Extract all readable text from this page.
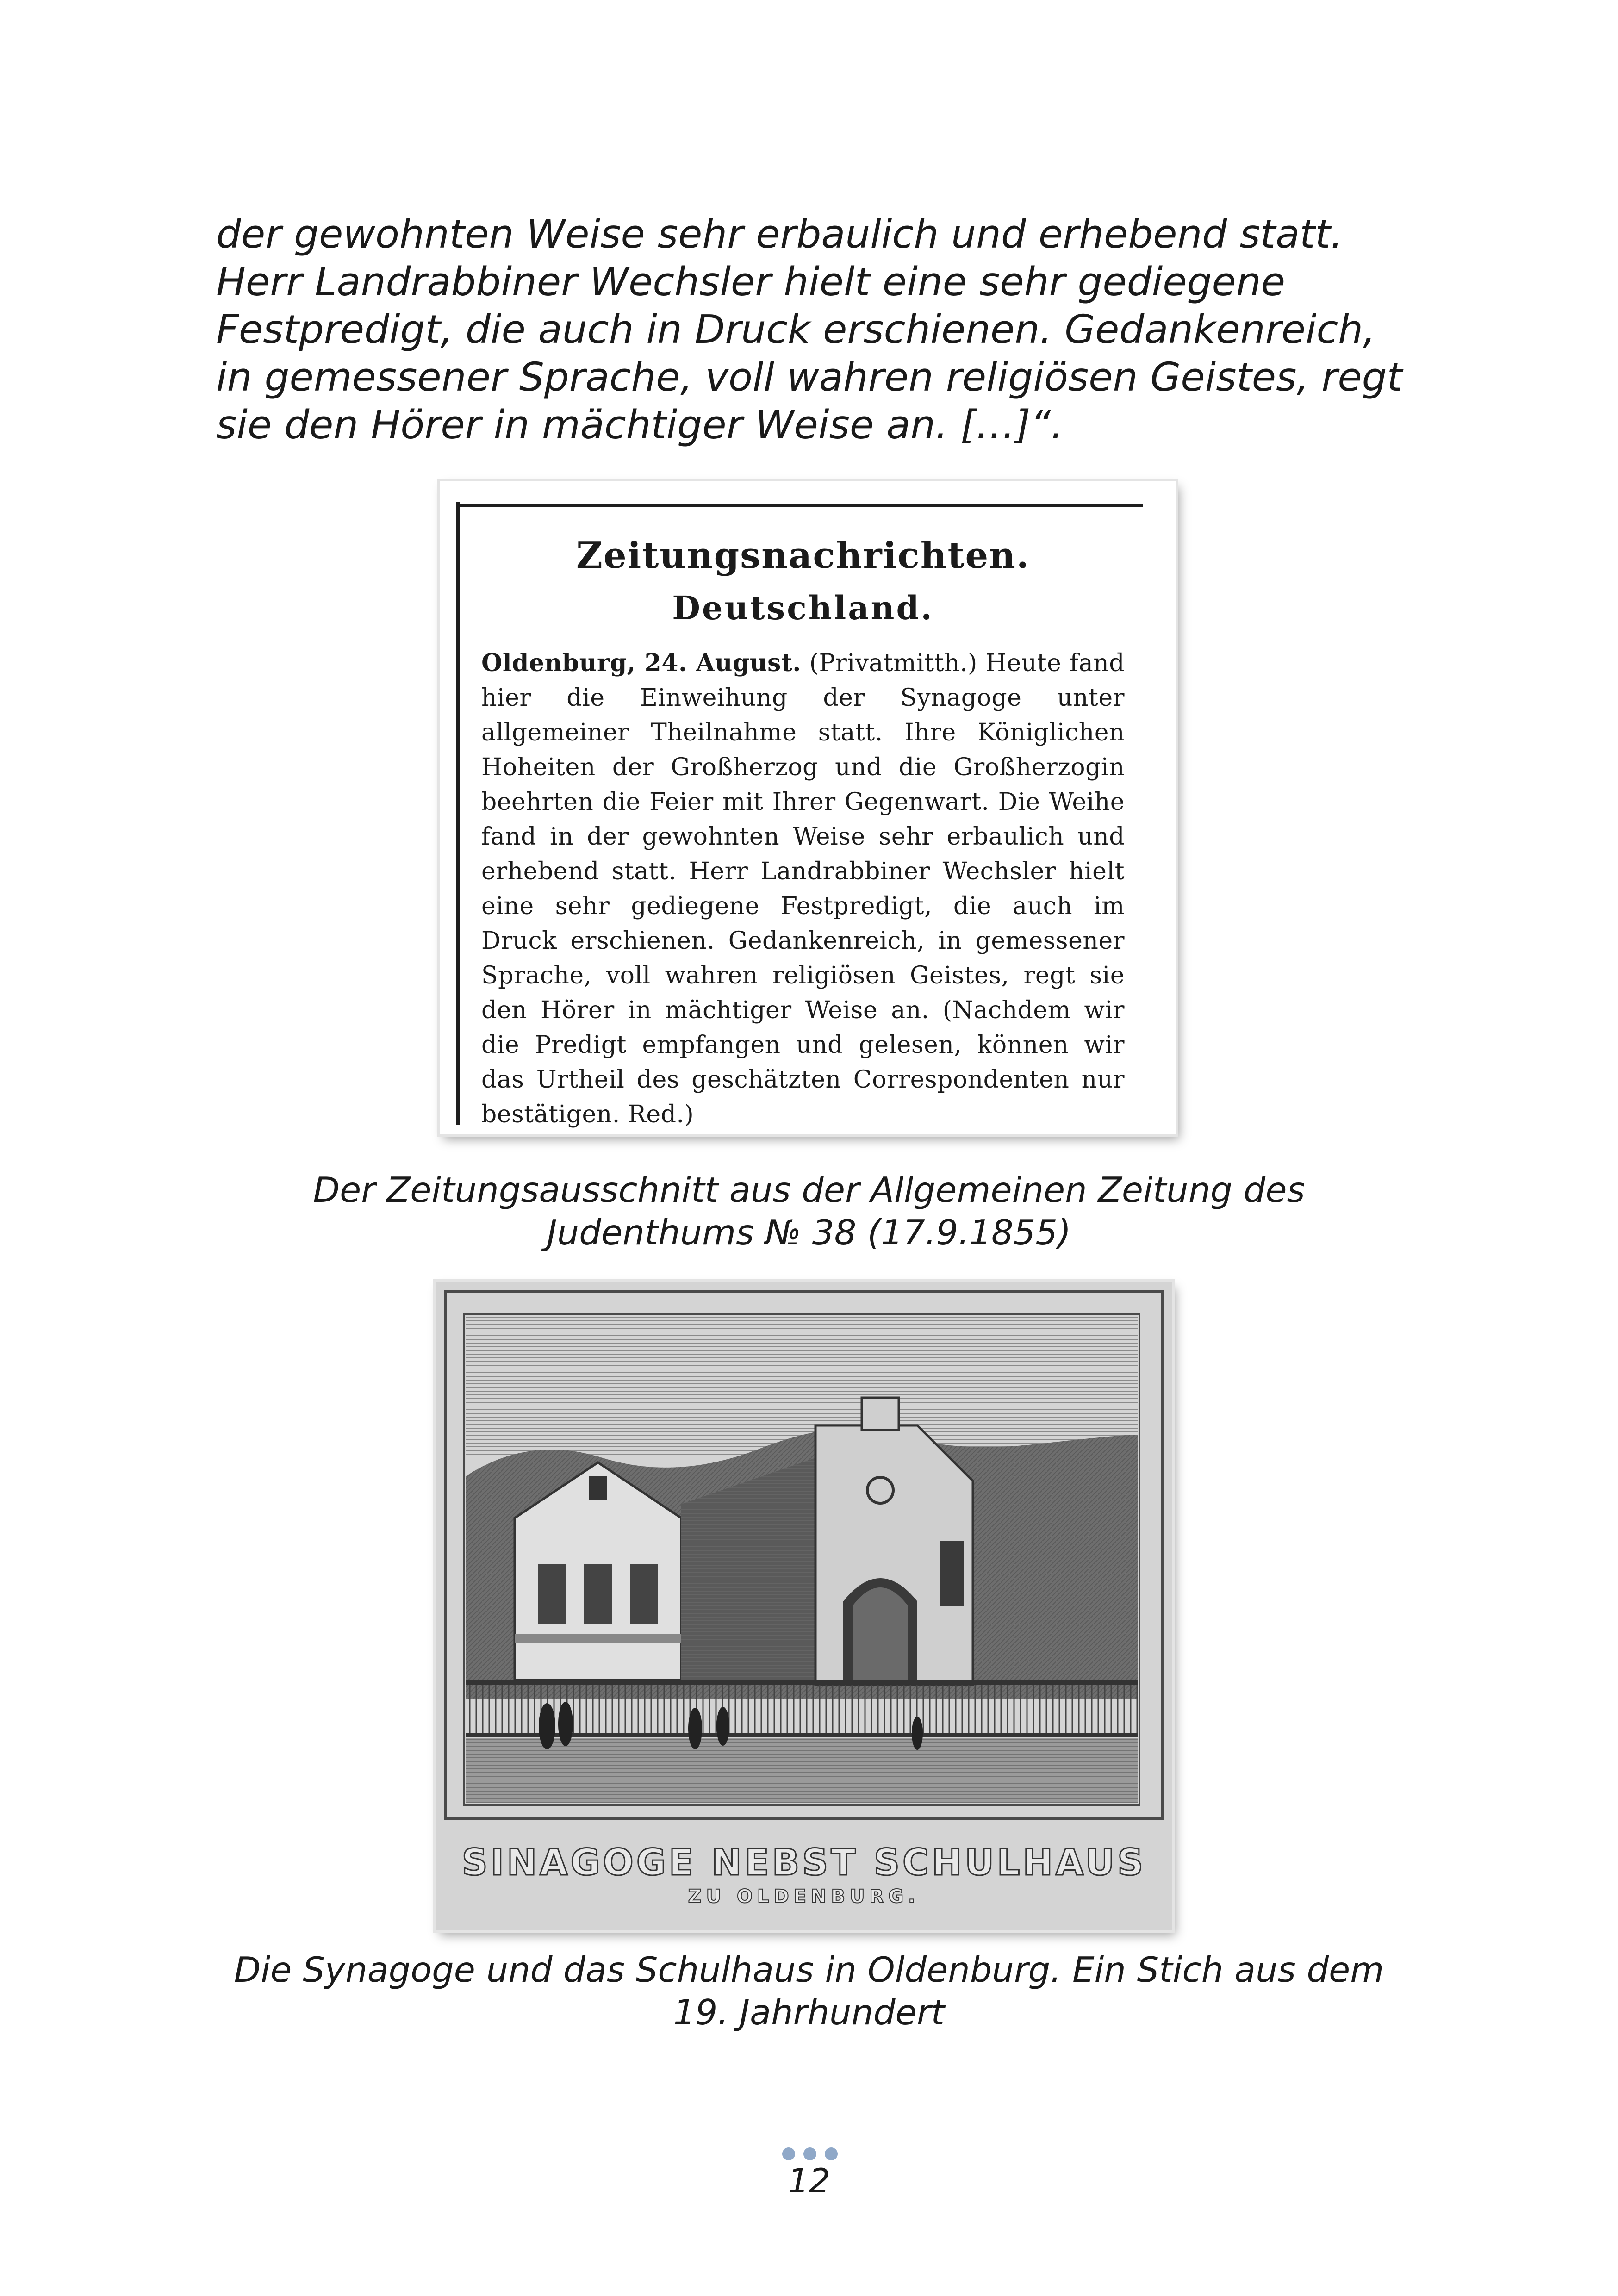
der gewohnten Weise sehr erbaulich und erhebend statt. Herr Landrabbiner Wechsler hielt eine sehr gediegene Festpredigt, die auch in Druck erschienen. Gedankenreich, in gemessener Sprache, voll wahren religiösen Geistes, regt sie den Hörer in mächtiger Weise an. […]“.

Zeitungsnachrichten.
Deutschland.
Oldenburg, 24. August. (Privatmitth.) Heute fand hier die Einweihung der Synagoge unter allgemeiner Theilnahme statt. Ihre Königlichen Hoheiten der Großherzog und die Großherzogin beehrten die Feier mit Ihrer Gegenwart. Die Weihe fand in der gewohnten Weise sehr erbaulich und erhebend statt. Herr Landrabbiner Wechsler hielt eine sehr gediegene Festpredigt, die auch im Druck erschienen. Gedankenreich, in gemessener Sprache, voll wahren religiösen Geistes, regt sie den Hörer in mächtiger Weise an. (Nachdem wir die Predigt empfangen und gelesen, können wir das Urtheil des geschätzten Correspondenten nur bestätigen. Red.)

Der Zeitungsausschnitt aus der Allgemeinen Zeitung des

Judenthums № 38 (17.9.1855)

SINAGOGE NEBST SCHULHAUS
ZU OLDENBURG.

Die Synagoge und das Schulhaus in Oldenburg. Ein Stich aus dem

19. Jahrhundert

12
